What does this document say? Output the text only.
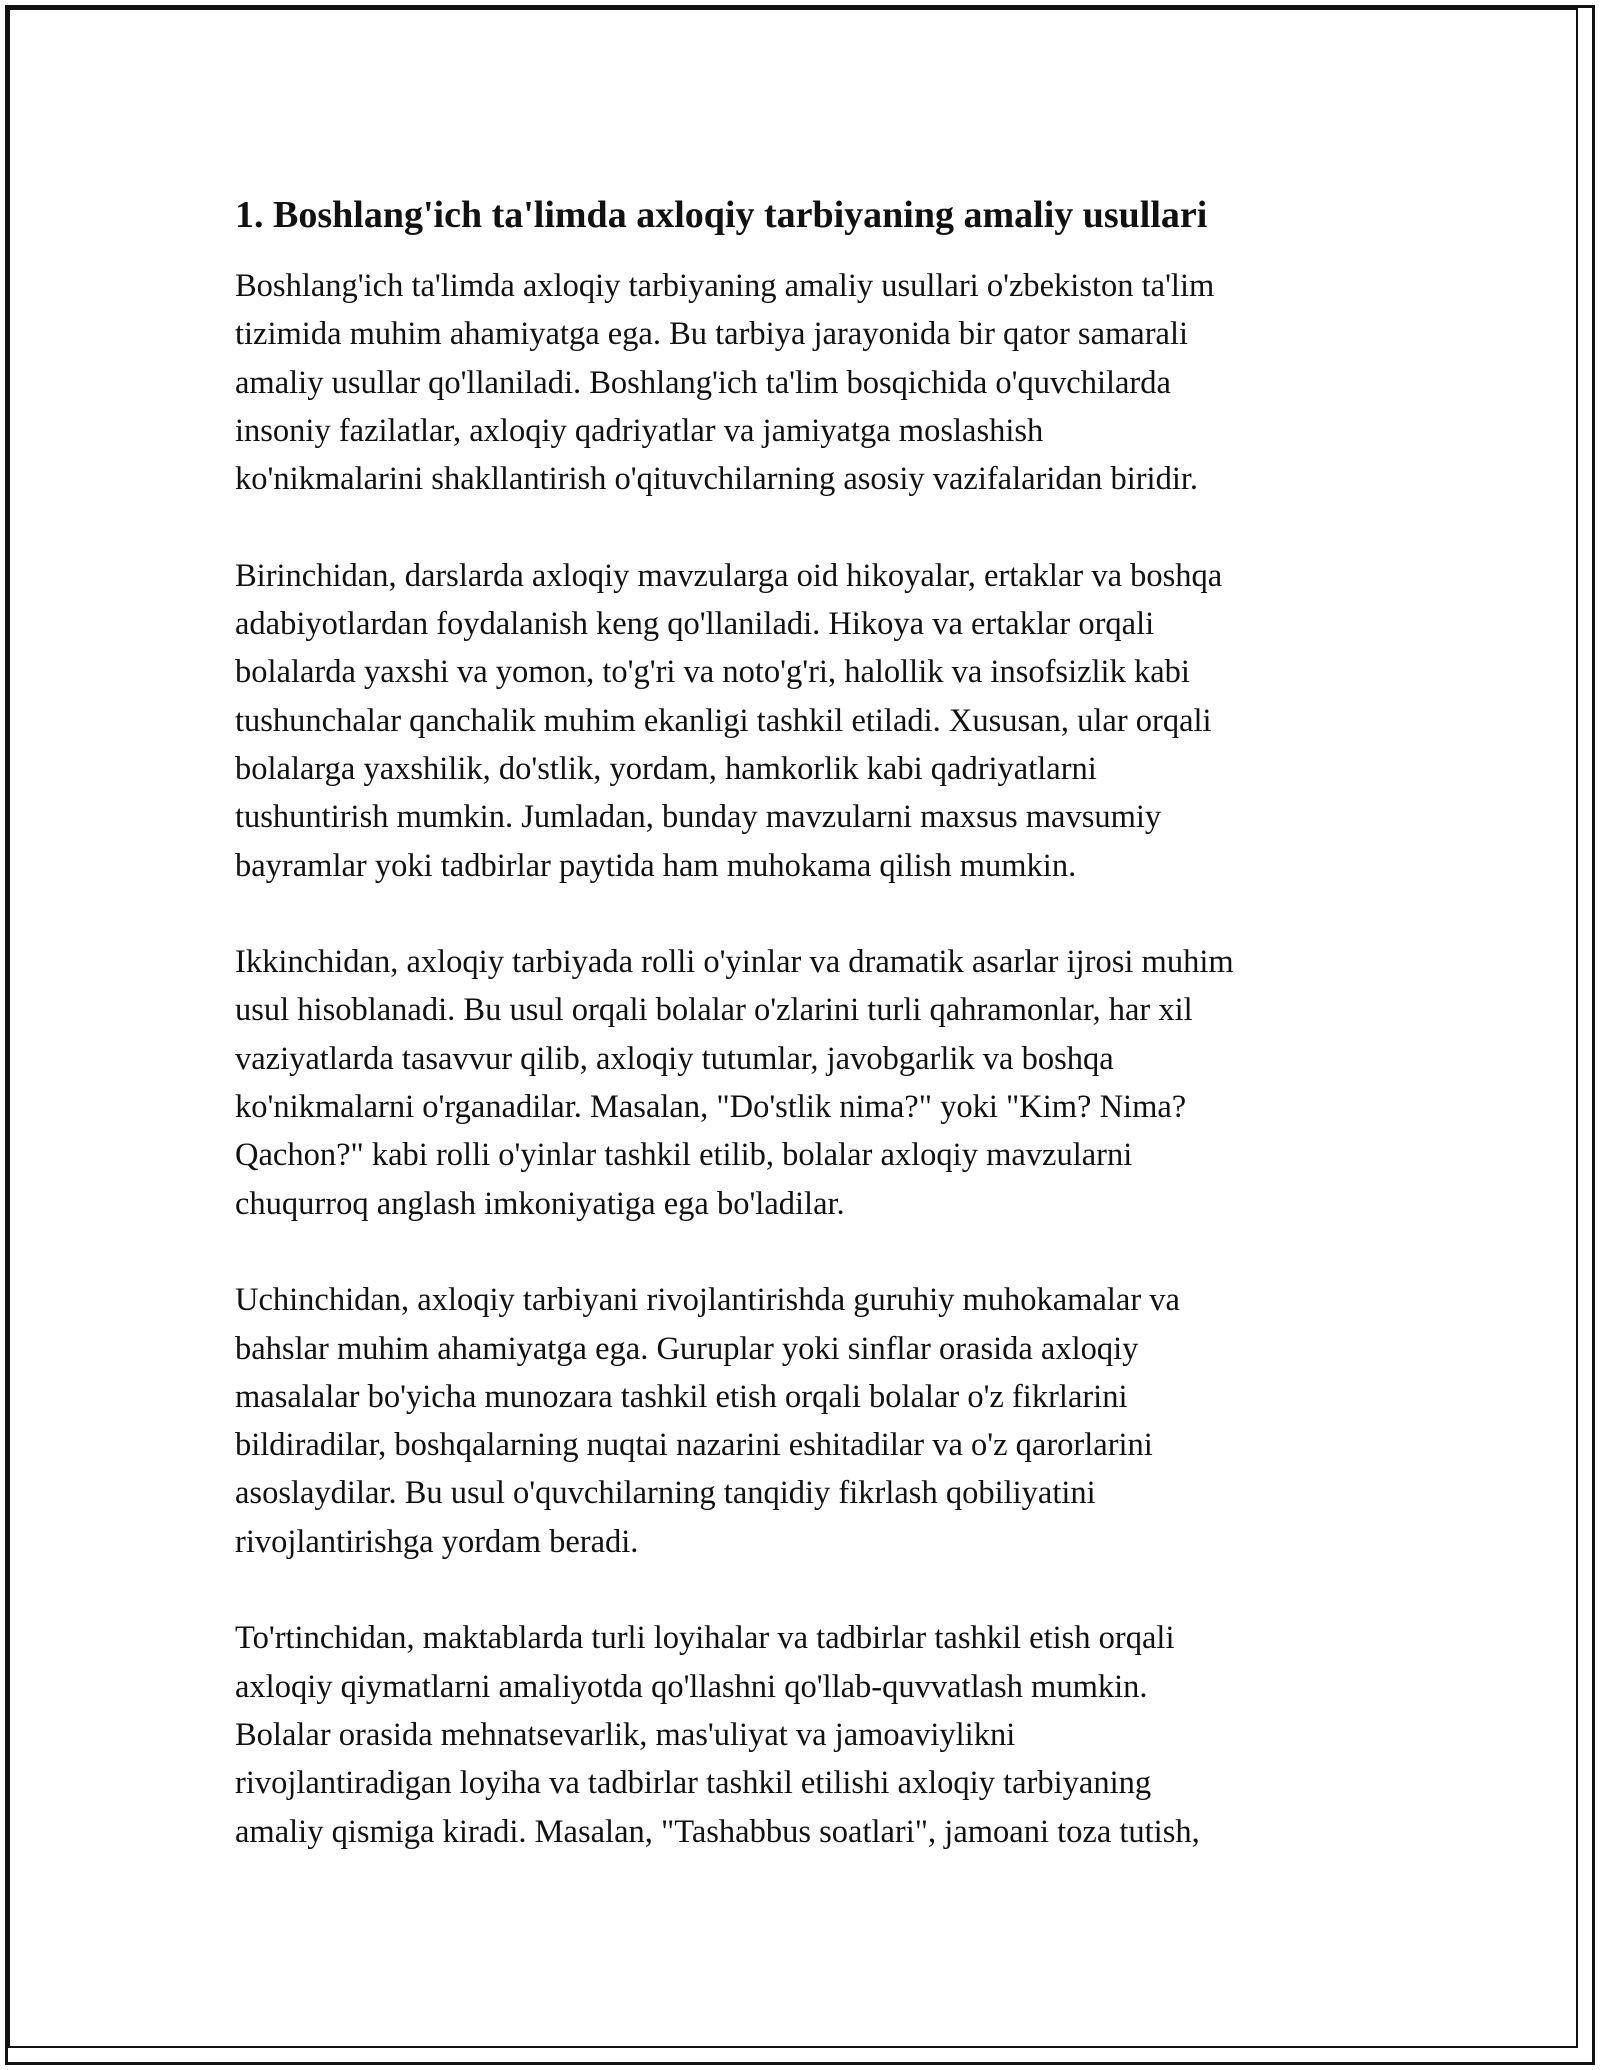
1. Boshlang'ich ta'limda axloqiy tarbiyaning amaliy usullari

Boshlang'ich ta'limda axloqiy tarbiyaning amaliy usullari o'zbekiston ta'lim
tizimida muhim ahamiyatga ega. Bu tarbiya jarayonida bir qator samarali
amaliy usullar qo'llaniladi. Boshlang'ich ta'lim bosqichida o'quvchilarda
insoniy fazilatlar, axloqiy qadriyatlar va jamiyatga moslashish
ko'nikmalarini shakllantirish o'qituvchilarning asosiy vazifalaridan biridir.

Birinchidan, darslarda axloqiy mavzularga oid hikoyalar, ertaklar va boshqa
adabiyotlardan foydalanish keng qo'llaniladi. Hikoya va ertaklar orqali
bolalarda yaxshi va yomon, to'g'ri va noto'g'ri, halollik va insofsizlik kabi
tushunchalar qanchalik muhim ekanligi tashkil etiladi. Xususan, ular orqali
bolalarga yaxshilik, do'stlik, yordam, hamkorlik kabi qadriyatlarni
tushuntirish mumkin. Jumladan, bunday mavzularni maxsus mavsumiy
bayramlar yoki tadbirlar paytida ham muhokama qilish mumkin.

Ikkinchidan, axloqiy tarbiyada rolli o'yinlar va dramatik asarlar ijrosi muhim
usul hisoblanadi. Bu usul orqali bolalar o'zlarini turli qahramonlar, har xil
vaziyatlarda tasavvur qilib, axloqiy tutumlar, javobgarlik va boshqa
ko'nikmalarni o'rganadilar. Masalan, "Do'stlik nima?" yoki "Kim? Nima?
Qachon?" kabi rolli o'yinlar tashkil etilib, bolalar axloqiy mavzularni
chuqurroq anglash imkoniyatiga ega bo'ladilar.

Uchinchidan, axloqiy tarbiyani rivojlantirishda guruhiy muhokamalar va
bahslar muhim ahamiyatga ega. Guruplar yoki sinflar orasida axloqiy
masalalar bo'yicha munozara tashkil etish orqali bolalar o'z fikrlarini
bildiradilar, boshqalarning nuqtai nazarini eshitadilar va o'z qarorlarini
asoslaydilar. Bu usul o'quvchilarning tanqidiy fikrlash qobiliyatini
rivojlantirishga yordam beradi.

To'rtinchidan, maktablarda turli loyihalar va tadbirlar tashkil etish orqali
axloqiy qiymatlarni amaliyotda qo'llashni qo'llab-quvvatlash mumkin.
Bolalar orasida mehnatsevarlik, mas'uliyat va jamoaviylikni
rivojlantiradigan loyiha va tadbirlar tashkil etilishi axloqiy tarbiyaning
amaliy qismiga kiradi. Masalan, "Tashabbus soatlari", jamoani toza tutish,
